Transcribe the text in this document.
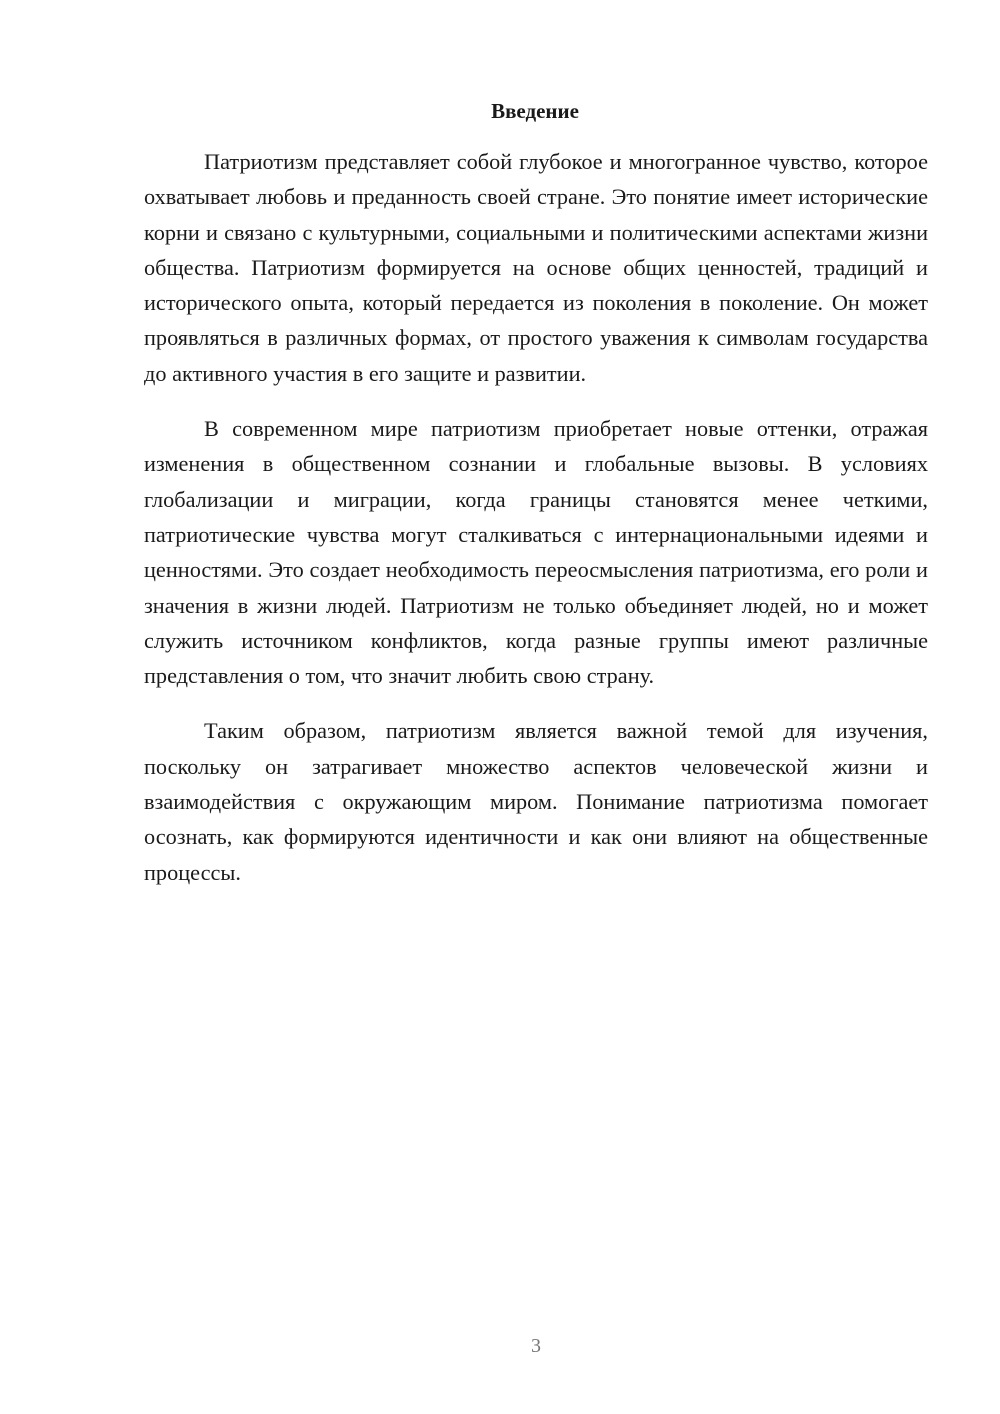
Введение

Патриотизм представляет собой глубокое и многогранное чувство, которое охватывает любовь и преданность своей стране. Это понятие имеет исторические корни и связано с культурными, социальными и политическими аспектами жизни общества. Патриотизм формируется на основе общих ценностей, традиций и исторического опыта, который передается из поколения в поколение. Он может проявляться в различных формах, от простого уважения к символам государства до активного участия в его защите и развитии.

В современном мире патриотизм приобретает новые оттенки, отражая изменения в общественном сознании и глобальные вызовы. В условиях глобализации и миграции, когда границы становятся менее четкими, патриотические чувства могут сталкиваться с интернациональными идеями и ценностями. Это создает необходимость переосмысления патриотизма, его роли и значения в жизни людей. Патриотизм не только объединяет людей, но и может служить источником конфликтов, когда разные группы имеют различные представления о том, что значит любить свою страну.

Таким образом, патриотизм является важной темой для изучения, поскольку он затрагивает множество аспектов человеческой жизни и взаимодействия с окружающим миром. Понимание патриотизма помогает осознать, как формируются идентичности и как они влияют на общественные процессы.

3
